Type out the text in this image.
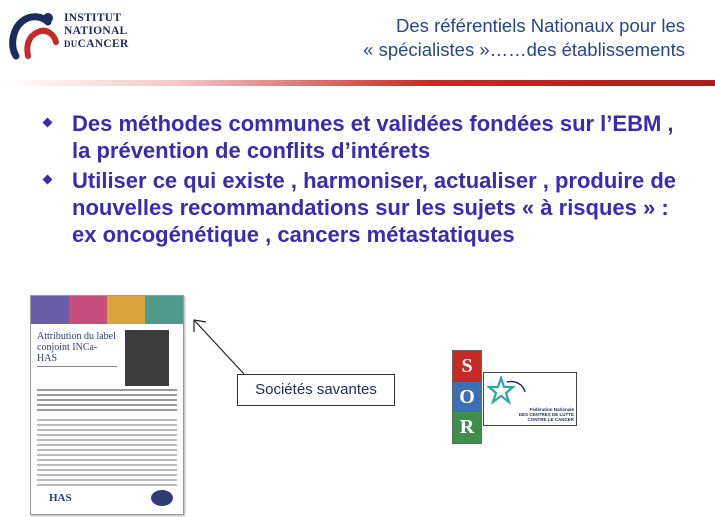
INSTITUT
NATIONAL
DUCANCER
Des référentiels Nationaux pour les
« spécialistes »……des établissements
Des méthodes communes et validées fondées sur l’EBM , la prévention de conflits d’intérets
Utiliser ce qui existe , harmoniser, actualiser , produire de nouvelles recommandations sur les sujets « à risques » : ex oncogénétique , cancers métastatiques
Attribution du label conjoint INCa-HAS
HAS
Sociétés savantes
S
O
R
Fédération Nationale
DES CENTRES DE LUTTE
CONTRE LE CANCER
